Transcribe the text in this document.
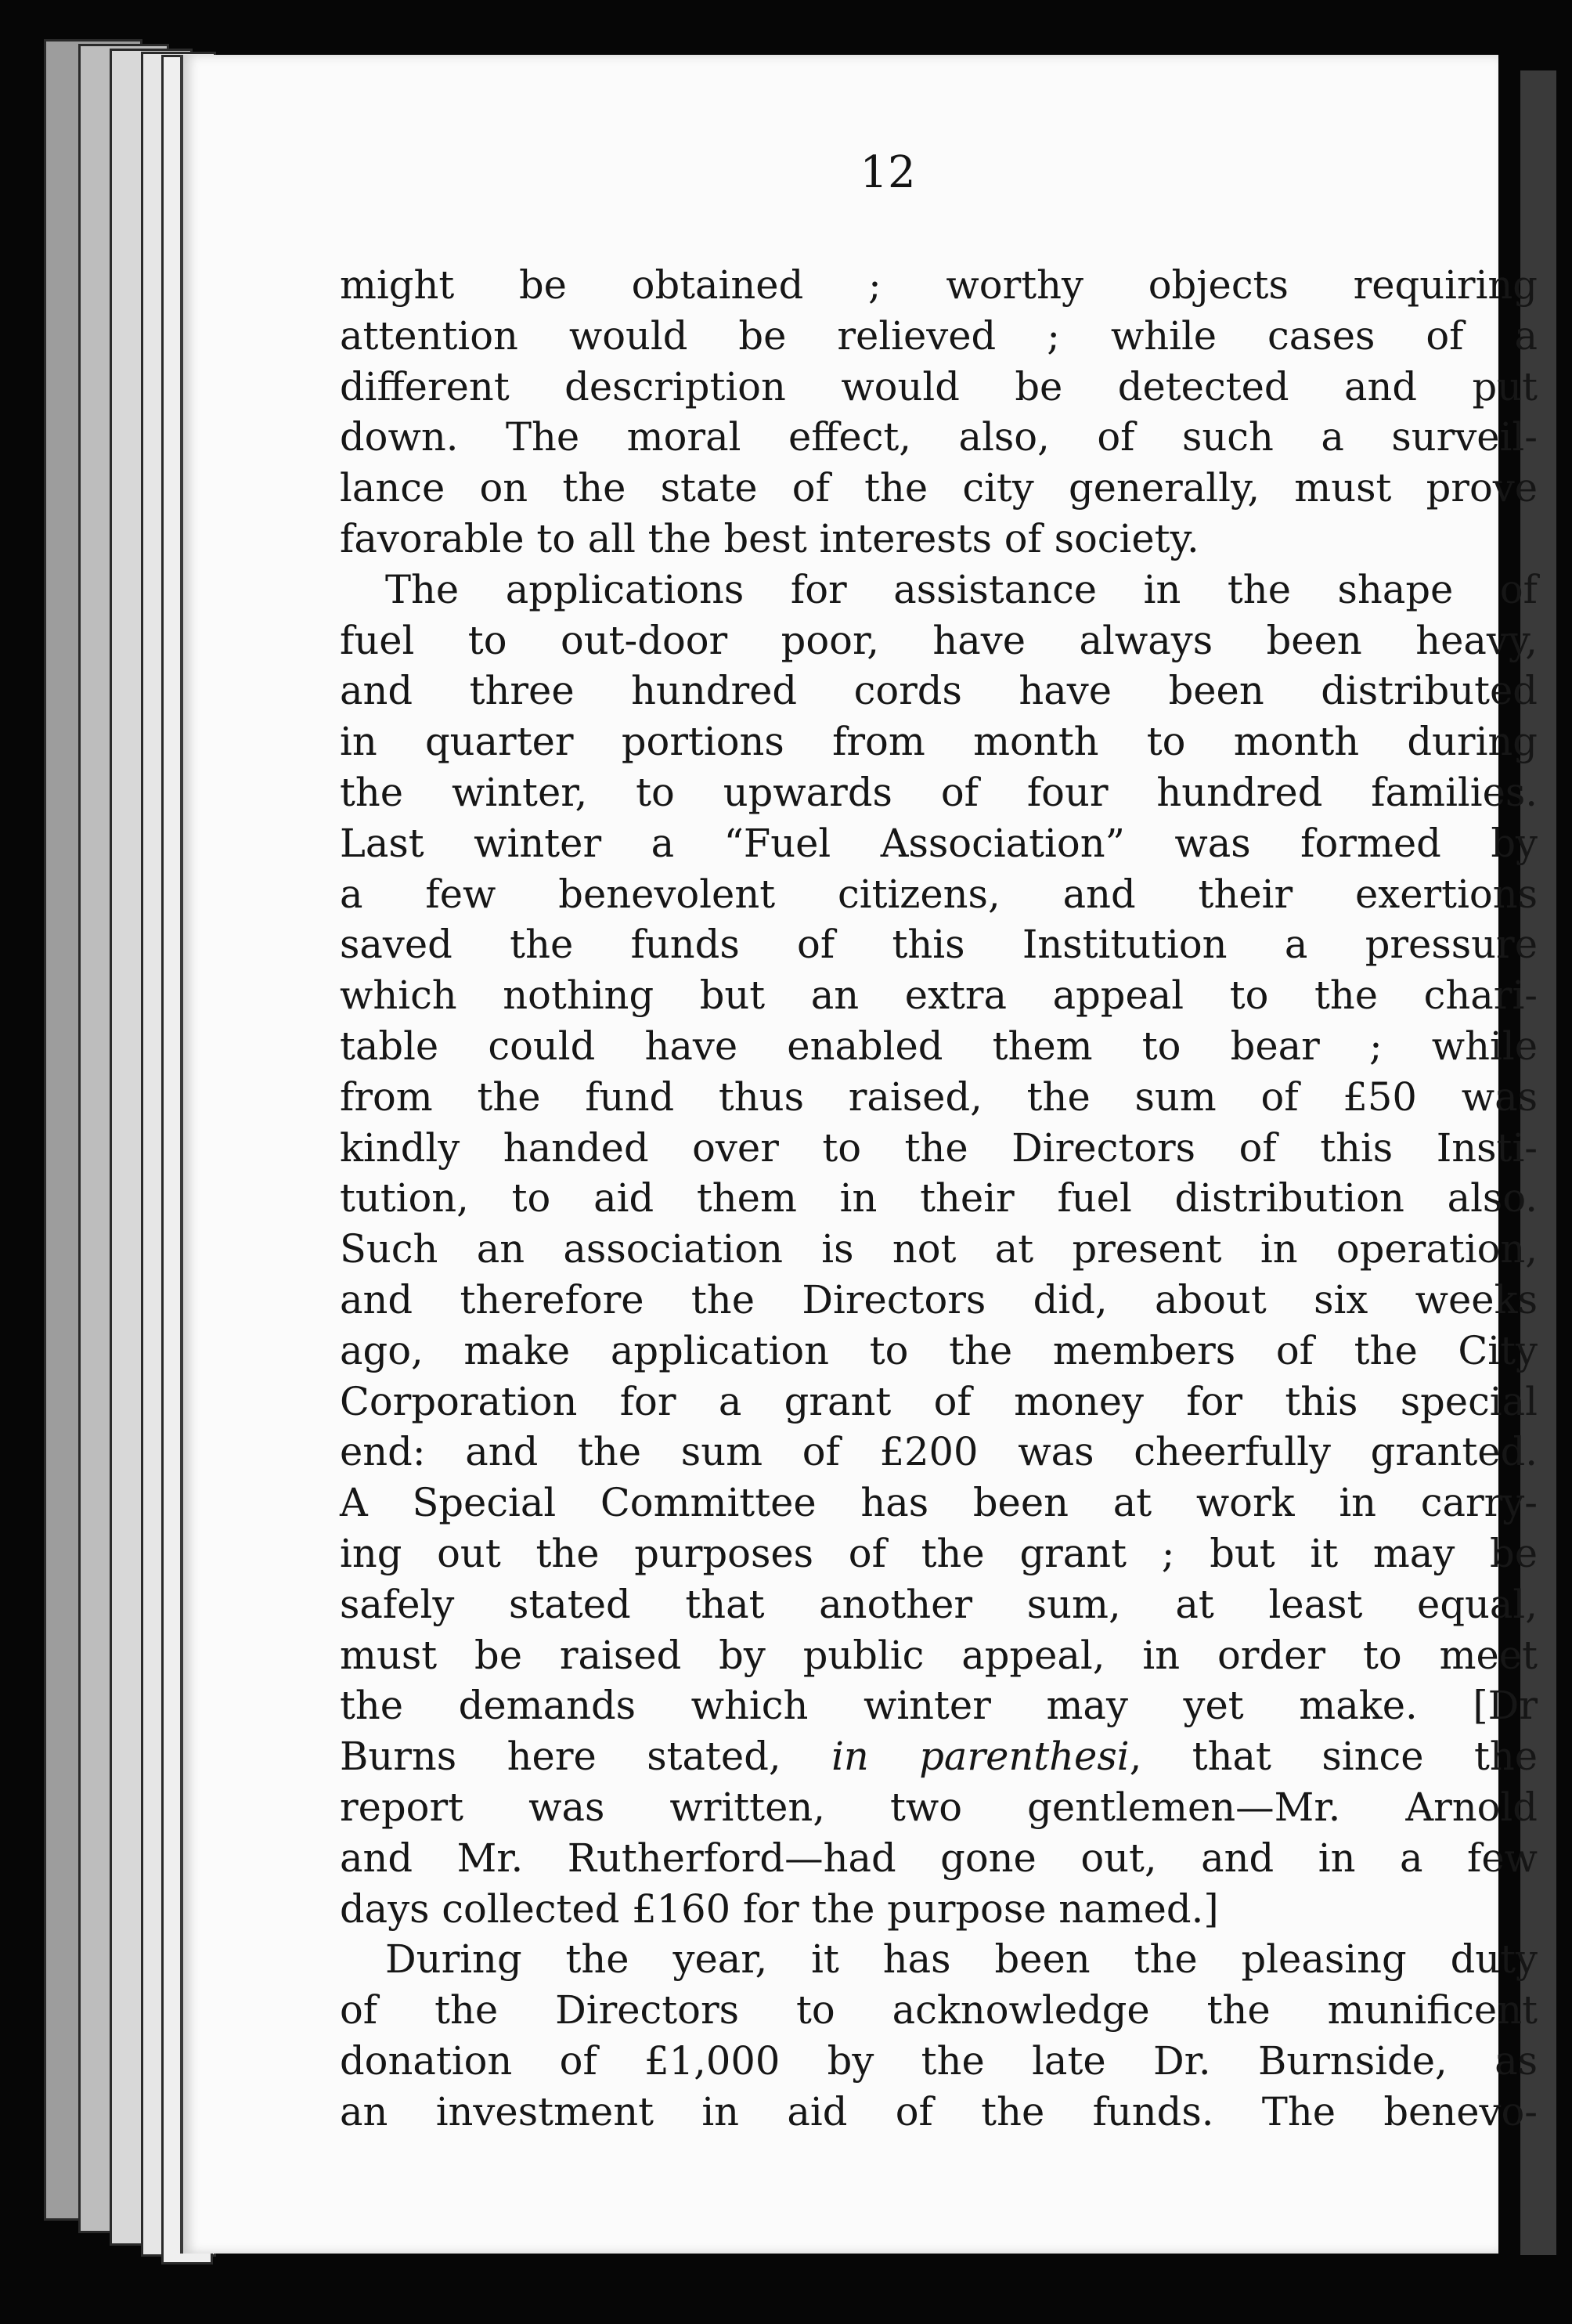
12
might be obtained ; worthy objects requiring
attention would be relieved ; while cases of a
different description would be detected and put
down. The moral effect, also, of such a surveil-
lance on the state of the city generally, must prove
favorable to all the best interests of society.
The applications for assistance in the shape of
fuel to out-door poor, have always been heavy,
and three hundred cords have been distributed
in quarter portions from month to month during
the winter, to upwards of four hundred families.
Last winter a “Fuel Association” was formed by
a few benevolent citizens, and their exertions
saved the funds of this Institution a pressure
which nothing but an extra appeal to the chari-
table could have enabled them to bear ; while
from the fund thus raised, the sum of £50 was
kindly handed over to the Directors of this Insti-
tution, to aid them in their fuel distribution also.
Such an association is not at present in operation,
and therefore the Directors did, about six weeks
ago, make application to the members of the City
Corporation for a grant of money for this special
end: and the sum of £200 was cheerfully granted.
A Special Committee has been at work in carry-
ing out the purposes of the grant ; but it may be
safely stated that another sum, at least equal,
must be raised by public appeal, in order to meet
the demands which winter may yet make. [Dr
Burns here stated, in parenthesi, that since the
report was written, two gentlemen—Mr. Arnold
and Mr. Rutherford—had gone out, and in a few
days collected £160 for the purpose named.]
During the year, it has been the pleasing duty
of the Directors to acknowledge the munificent
donation of £1,000 by the late Dr. Burnside, as
an investment in aid of the funds. The benevo-
